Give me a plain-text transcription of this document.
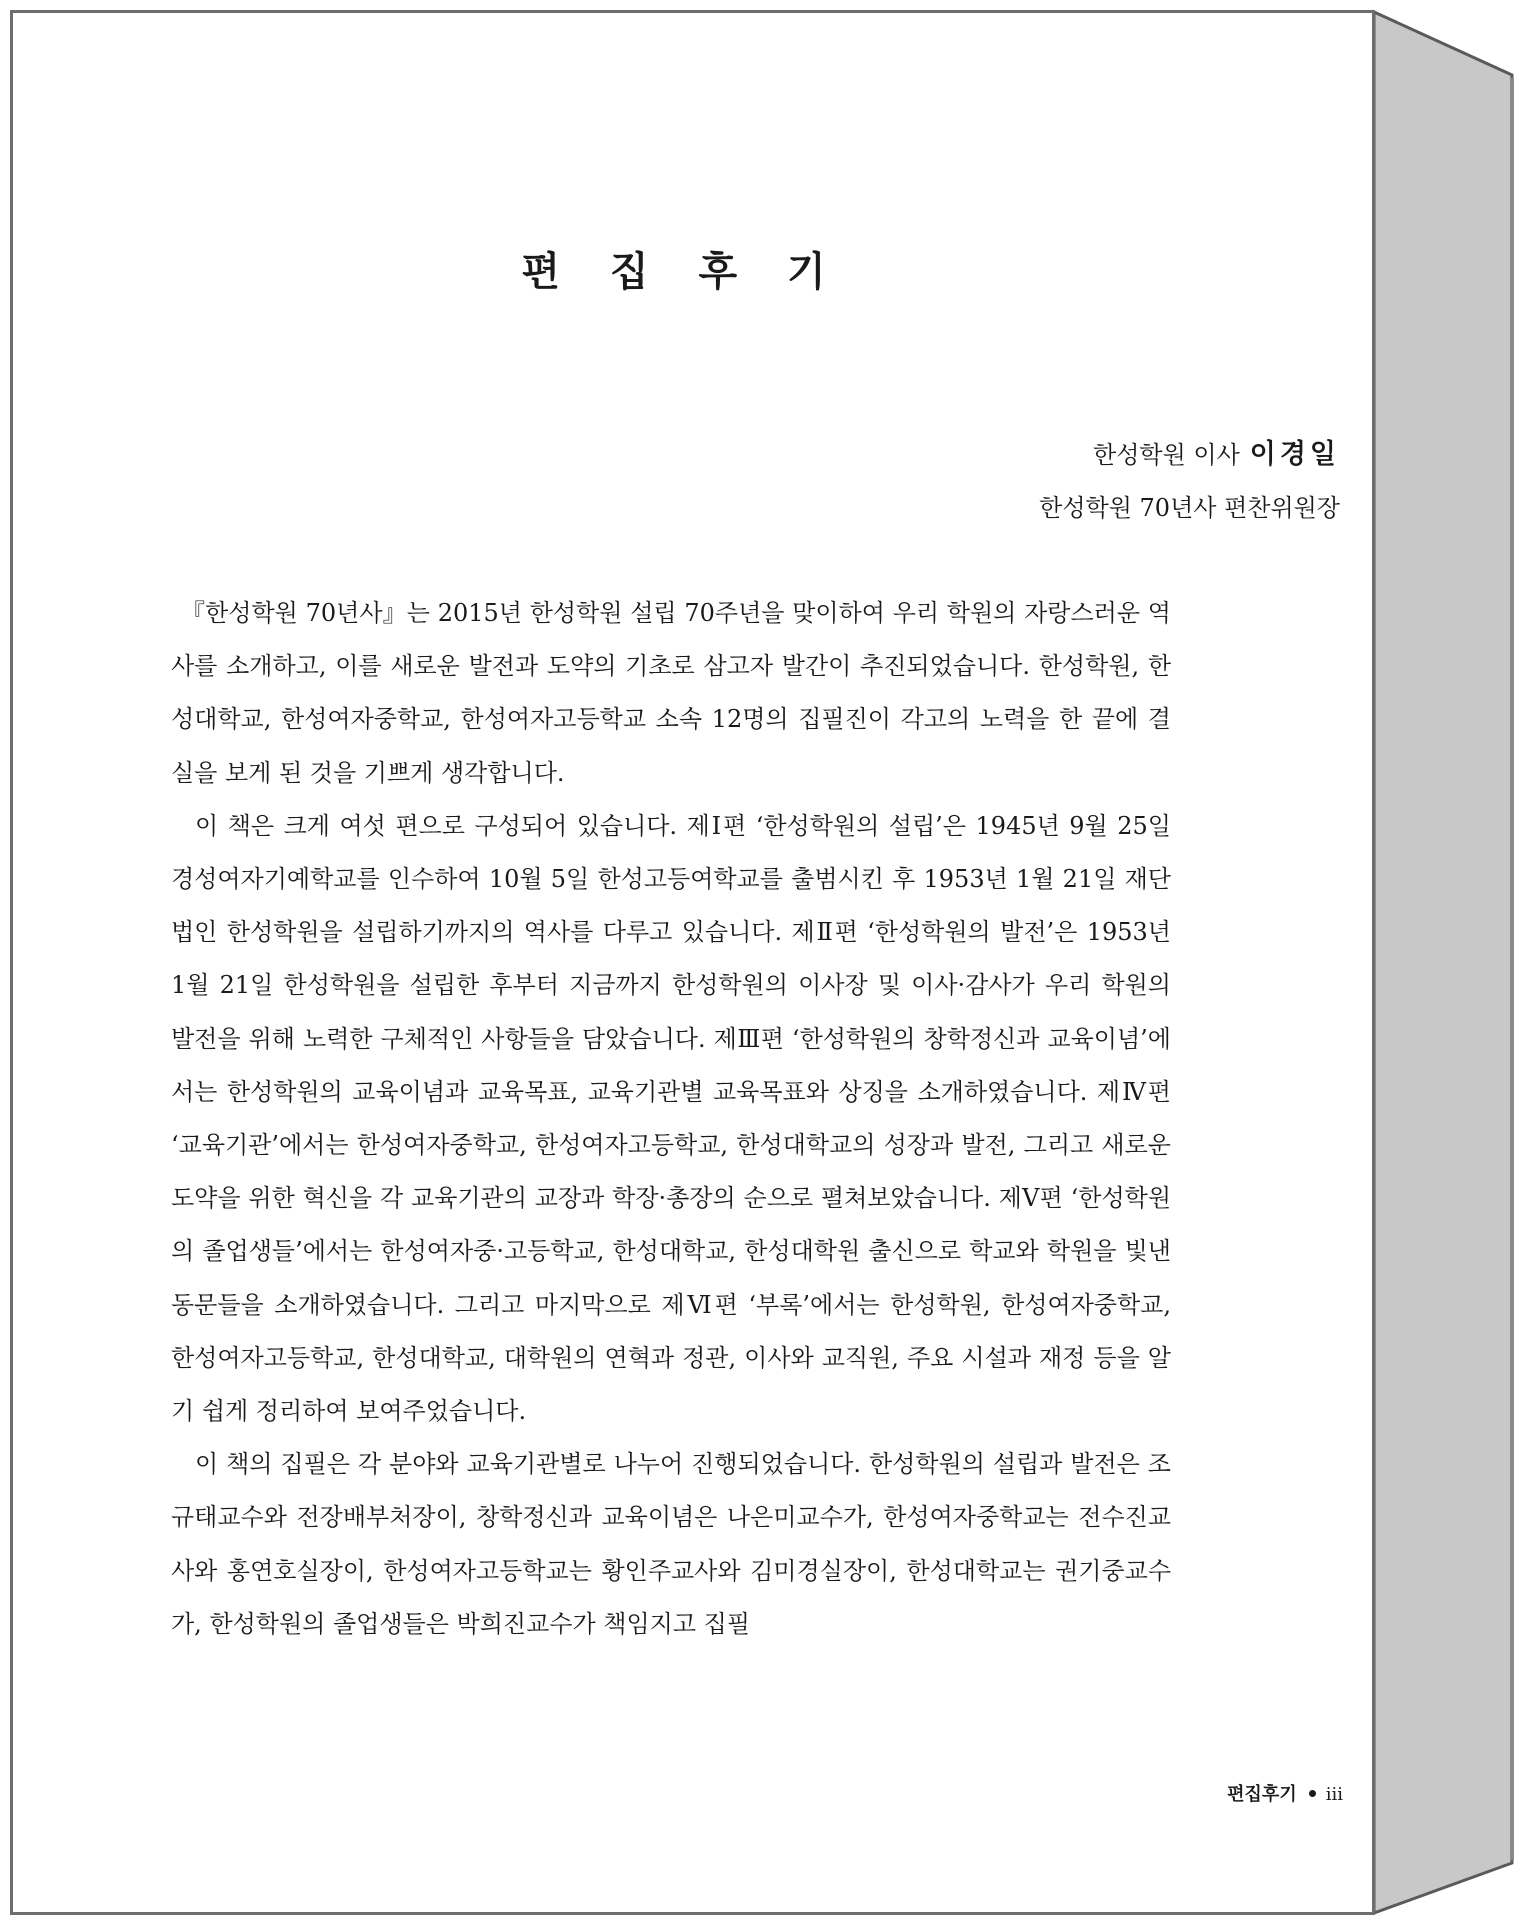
편 집 후 기
한성학원 이사 이경일
한성학원 70년사 편찬위원장

『한성학원 70년사』는 2015년 한성학원 설립 70주년을 맞이하여 우리 학원의 자랑스러운 역사를 소개하고, 이를 새로운 발전과 도약의 기초로 삼고자 발간이 추진되었습니다. 한성학원, 한성대학교, 한성여자중학교, 한성여자고등학교 소속 12명의 집필진이 각고의 노력을 한 끝에 결실을 보게 된 것을 기쁘게 생각합니다.

이 책은 크게 여섯 편으로 구성되어 있습니다. 제Ⅰ편 ‘한성학원의 설립’은 1945년 9월 25일 경성여자기예학교를 인수하여 10월 5일 한성고등여학교를 출범시킨 후 1953년 1월 21일 재단법인 한성학원을 설립하기까지의 역사를 다루고 있습니다. 제Ⅱ편 ‘한성학원의 발전’은 1953년 1월 21일 한성학원을 설립한 후부터 지금까지 한성학원의 이사장 및 이사·감사가 우리 학원의 발전을 위해 노력한 구체적인 사항들을 담았습니다. 제Ⅲ편 ‘한성학원의 창학정신과 교육이념’에서는 한성학원의 교육이념과 교육목표, 교육기관별 교육목표와 상징을 소개하였습니다. 제Ⅳ편 ‘교육기관’에서는 한성여자중학교, 한성여자고등학교, 한성대학교의 성장과 발전, 그리고 새로운 도약을 위한 혁신을 각 교육기관의 교장과 학장·총장의 순으로 펼쳐보았습니다. 제Ⅴ편 ‘한성학원의 졸업생들’에서는 한성여자중·고등학교, 한성대학교, 한성대학원 출신으로 학교와 학원을 빛낸 동문들을 소개하였습니다. 그리고 마지막으로 제Ⅵ편 ‘부록’에서는 한성학원, 한성여자중학교, 한성여자고등학교, 한성대학교, 대학원의 연혁과 정관, 이사와 교직원, 주요 시설과 재정 등을 알기 쉽게 정리하여 보여주었습니다.

이 책의 집필은 각 분야와 교육기관별로 나누어 진행되었습니다. 한성학원의 설립과 발전은 조규태교수와 전장배부처장이, 창학정신과 교육이념은 나은미교수가, 한성여자중학교는 전수진교사와 홍연호실장이, 한성여자고등학교는 황인주교사와 김미경실장이, 한성대학교는 권기중교수가, 한성학원의 졸업생들은 박희진교수가 책임지고 집필

편집후기 iii
